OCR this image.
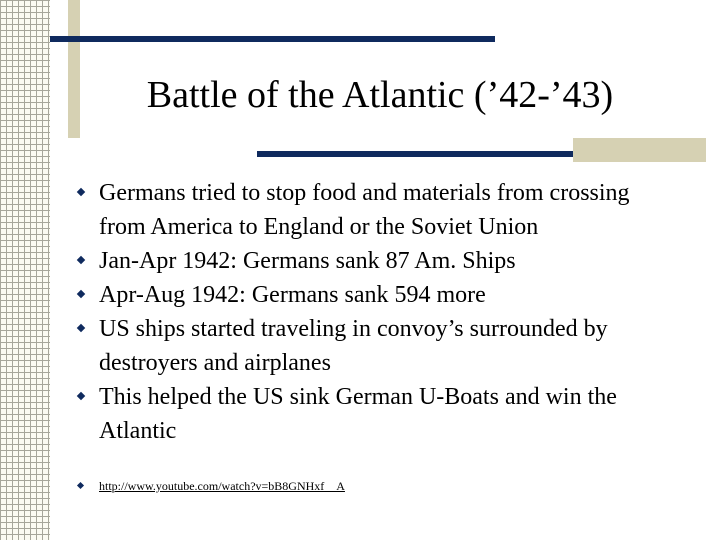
Battle of the Atlantic (’42-’43)
Germans tried to stop food and materials from crossing from America to England or the Soviet Union
Jan-Apr 1942: Germans sank 87 Am. Ships
Apr-Aug 1942: Germans sank 594 more
US ships started traveling in convoy’s surrounded by destroyers and airplanes
This helped the US sink German U-Boats and win the Atlantic
http://www.youtube.com/watch?v=bB8GNHxf__A
